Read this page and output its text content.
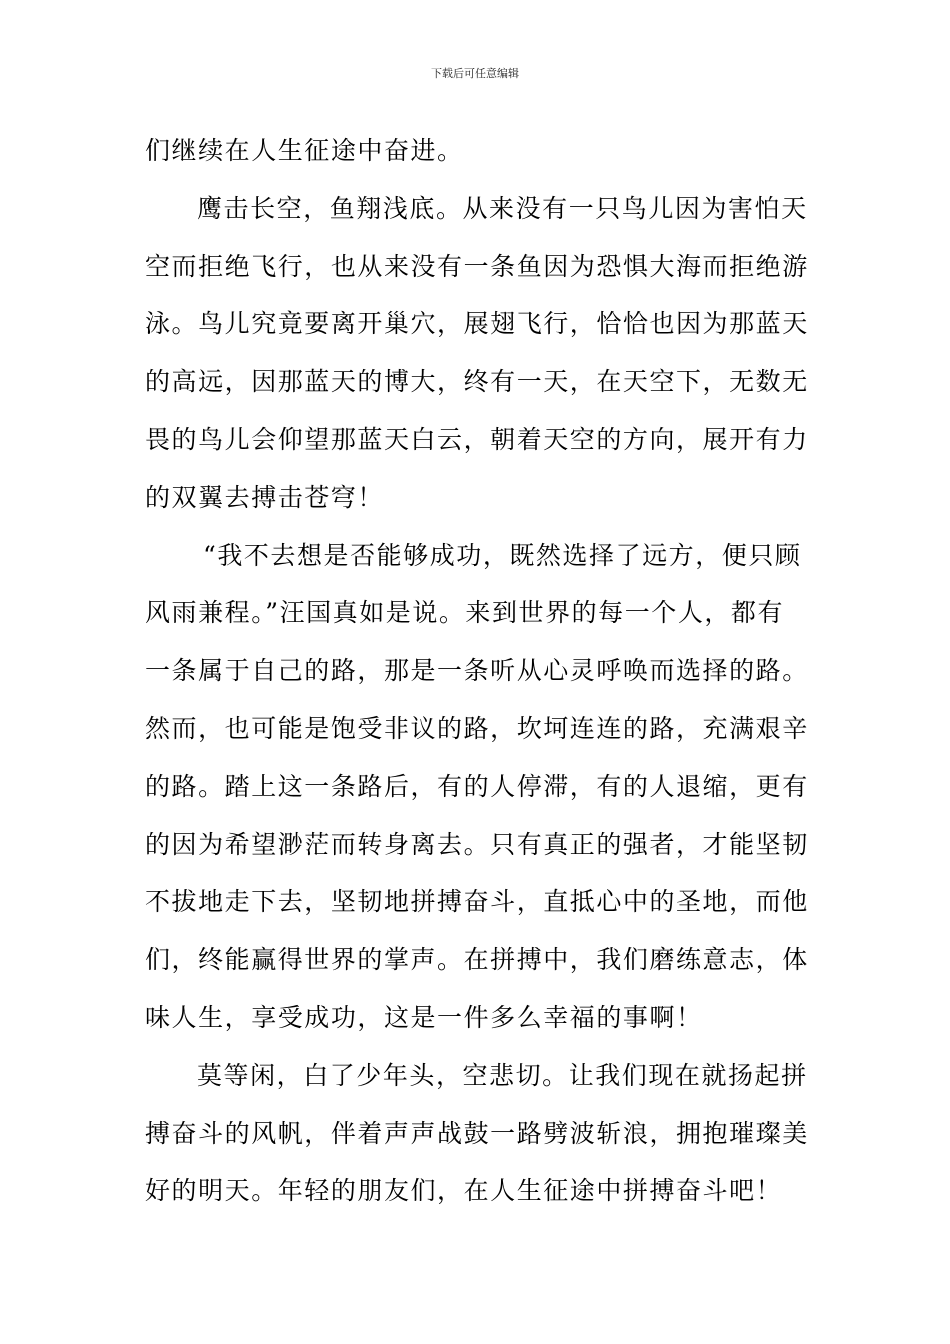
下载后可任意编辑
们继续在人生征途中奋进。
鹰击长空，鱼翔浅底。从来没有一只鸟儿因为害怕天
空而拒绝飞行，也从来没有一条鱼因为恐惧大海而拒绝游
泳。鸟儿究竟要离开巢穴，展翅飞行，恰恰也因为那蓝天
的高远，因那蓝天的博大，终有一天，在天空下，无数无
畏的鸟儿会仰望那蓝天白云，朝着天空的方向，展开有力
的双翼去搏击苍穹！
“我不去想是否能够成功，既然选择了远方，便只顾
风雨兼程。”汪国真如是说。来到世界的每一个人，都有
一条属于自己的路，那是一条听从心灵呼唤而选择的路。
然而，也可能是饱受非议的路，坎坷连连的路，充满艰辛
的路。踏上这一条路后，有的人停滞，有的人退缩，更有
的因为希望渺茫而转身离去。只有真正的强者，才能坚韧
不拔地走下去，坚韧地拼搏奋斗，直抵心中的圣地，而他
们，终能赢得世界的掌声。在拼搏中，我们磨练意志，体
味人生，享受成功，这是一件多么幸福的事啊！
莫等闲，白了少年头，空悲切。让我们现在就扬起拼
搏奋斗的风帆，伴着声声战鼓一路劈波斩浪，拥抱璀璨美
好的明天。年轻的朋友们，在人生征途中拼搏奋斗吧！
